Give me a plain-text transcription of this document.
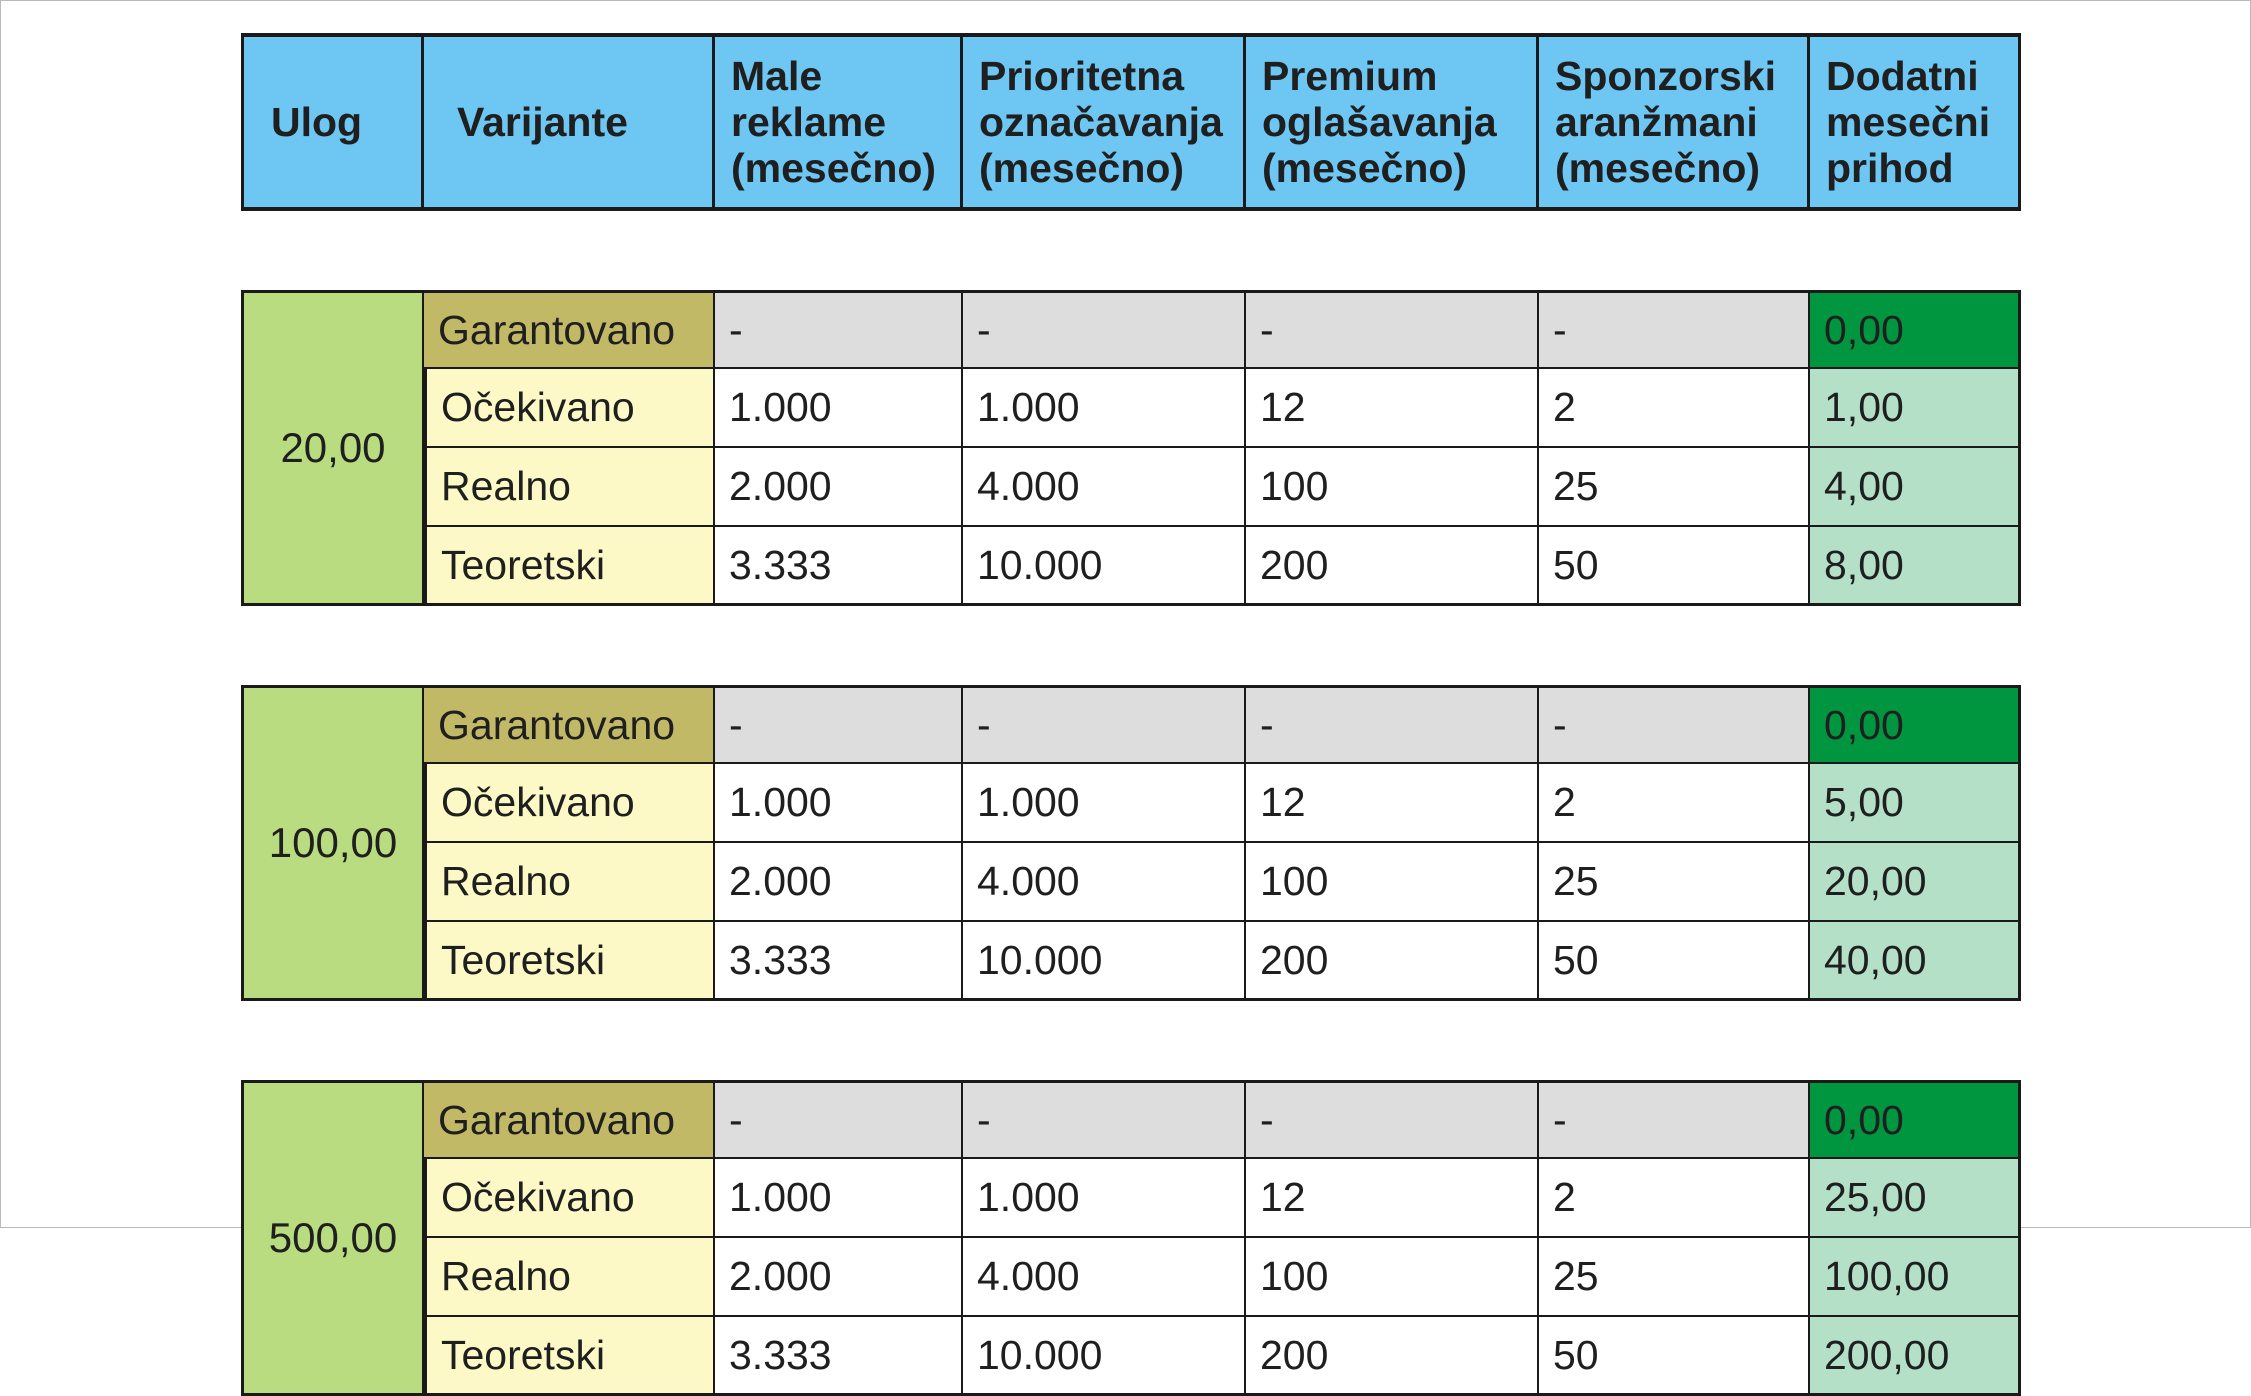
Ulog	Varijante	Male
reklame
(mesečno)	Prioritetna
označavanja
(mesečno)	Premium
oglašavanja
(mesečno)	Sponzorski
aranžmani
(mesečno)	Dodatni
mesečni
prihod

20,00	Garantovano	-	-	-	-	0,00
	Očekivano	1.000	1.000	12	2	1,00
	Realno	2.000	4.000	100	25	4,00
	Teoretski	3.333	10.000	200	50	8,00

100,00	Garantovano	-	-	-	-	0,00
	Očekivano	1.000	1.000	12	2	5,00
	Realno	2.000	4.000	100	25	20,00
	Teoretski	3.333	10.000	200	50	40,00

500,00	Garantovano	-	-	-	-	0,00
	Očekivano	1.000	1.000	12	2	25,00
	Realno	2.000	4.000	100	25	100,00
	Teoretski	3.333	10.000	200	50	200,00
